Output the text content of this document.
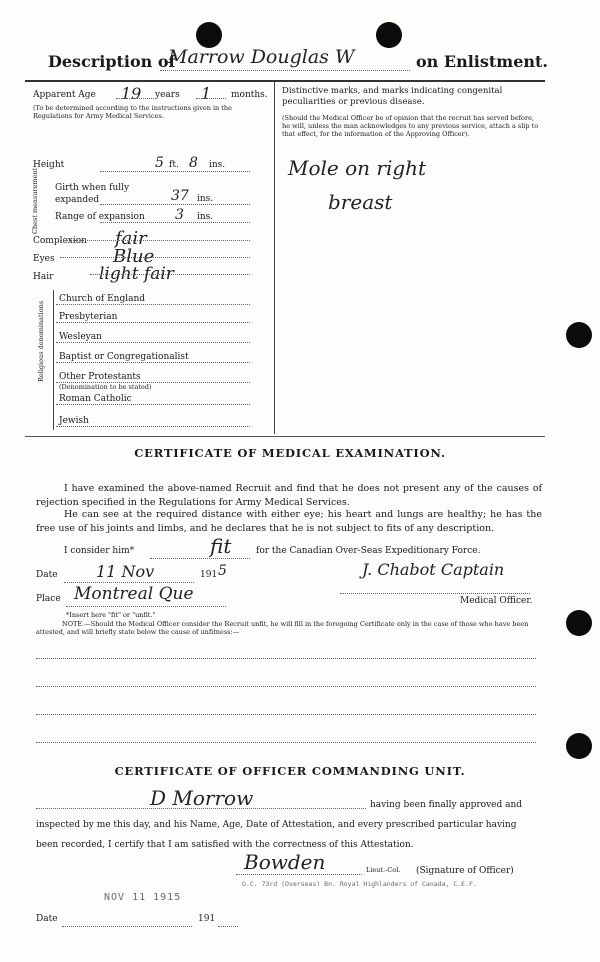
Description of
Marrow Douglas W	on Enlistment.
Apparent Age 19 years 1 months.
(To be determined according to the instructions given in the Regulations for Army Medical Services.
Height	5 ft. 8 ins.
Chest measurement Girth when fully expanded	37 ins.
Range of expansion 3 ins.
Complexion fair
Eyes	Blue
Hair	light fair
Religious denominations
Church of England
Presbyterian
Wesleyan
Baptist or Congregationalist
Other Protestants
(Denomination to be stated)
Roman Catholic
Jewish
Distinctive marks, and marks indicating congenital peculiarities or previous disease.
(Should the Medical Officer be of opinion that the recruit has served before, he will, unless the man acknowledges to any previous service, attach a slip to that effect, for the information of the Approving Officer).
Mole on right
breast
CERTIFICATE OF MEDICAL EXAMINATION.
I have examined the above-named Recruit and find that he does not present any of the causes of rejection specified in the Regulations for Army Medical Services.
He can see at the required distance with either eye; his heart and lungs are healthy; he has the free use of his joints and limbs, and he declares that he is not subject to fits of any description.
I consider him*	fit	for the Canadian Over-Seas Expeditionary Force.
Date 11 Nov	191 5	J. Chabot Captain
Place Montreal Que	Medical Officer.
*Insert here "fit" or "unfit."
NOTE.—Should the Medical Officer consider the Recruit unfit, he will fill in the foregoing Certificate only in the case of those who have been attested, and will briefly state below the cause of unfitness:—
CERTIFICATE OF OFFICER COMMANDING UNIT.
D Morrow	having been finally approved and
inspected by me this day, and his Name, Age, Date of Attestation, and every prescribed particular having
been recorded, I certify that I am satisfied with the correctness of this Attestation.
Bowden	Lieut.-Col. (Signature of Officer)
O.C. 73rd (Overseas) Bn. Royal Highlanders of Canada, C.E.F.
NOV 11 1915
Date	191
